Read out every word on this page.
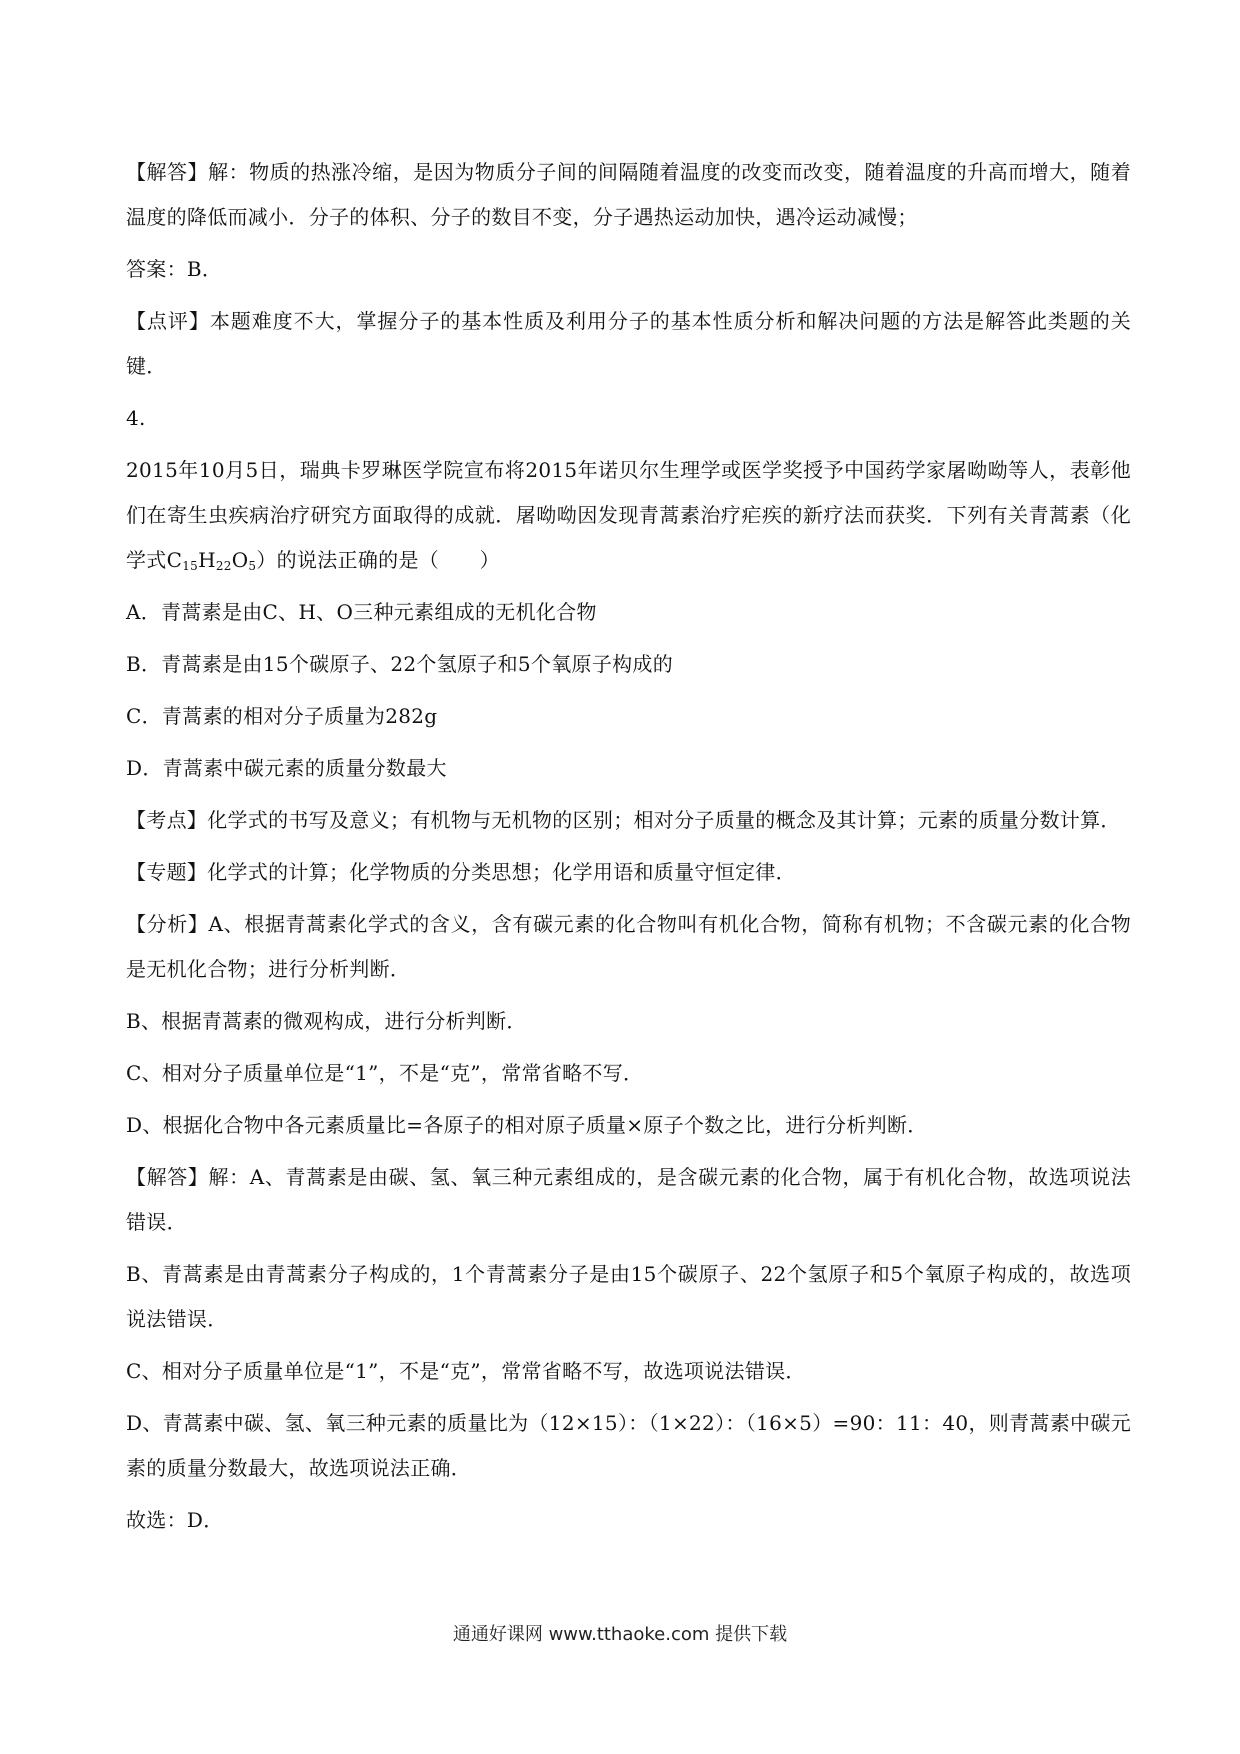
【解答】解：物质的热涨冷缩，是因为物质分子间的间隔随着温度的改变而改变，随着温度的升高而增大，随着温度的降低而减小．分子的体积、分子的数目不变，分子遇热运动加快，遇冷运动减慢；

答案：B．

【点评】本题难度不大，掌握分子的基本性质及利用分子的基本性质分析和解决问题的方法是解答此类题的关键．

4.

2015年10月5日，瑞典卡罗琳医学院宣布将2015年诺贝尔生理学或医学奖授予中国药学家屠呦呦等人，表彰他们在寄生虫疾病治疗研究方面取得的成就．屠呦呦因发现青蒿素治疗疟疾的新疗法而获奖．下列有关青蒿素（化学式$C_{15}H_{22}O_5$）的说法正确的是（　　）

A．青蒿素是由C、H、O三种元素组成的无机化合物

B．青蒿素是由15个碳原子、22个氢原子和5个氧原子构成的

C．青蒿素的相对分子质量为282g

D．青蒿素中碳元素的质量分数最大

【考点】化学式的书写及意义；有机物与无机物的区别；相对分子质量的概念及其计算；元素的质量分数计算．

【专题】化学式的计算；化学物质的分类思想；化学用语和质量守恒定律．

【分析】A、根据青蒿素化学式的含义，含有碳元素的化合物叫有机化合物，简称有机物；不含碳元素的化合物是无机化合物；进行分析判断．

B、根据青蒿素的微观构成，进行分析判断．

C、相对分子质量单位是“1”，不是“克”，常常省略不写．

D、根据化合物中各元素质量比=各原子的相对原子质量×原子个数之比，进行分析判断．

【解答】解：A、青蒿素是由碳、氢、氧三种元素组成的，是含碳元素的化合物，属于有机化合物，故选项说法错误．

B、青蒿素是由青蒿素分子构成的，1个青蒿素分子是由15个碳原子、22个氢原子和5个氧原子构成的，故选项说法错误．

C、相对分子质量单位是“1”，不是“克”，常常省略不写，故选项说法错误．

D、青蒿素中碳、氢、氧三种元素的质量比为（12×15）：（1×22）：（16×5）=90：11：40，则青蒿素中碳元素的质量分数最大，故选项说法正确．

故选：D．

通通好课网 www.tthaoke.com 提供下载
